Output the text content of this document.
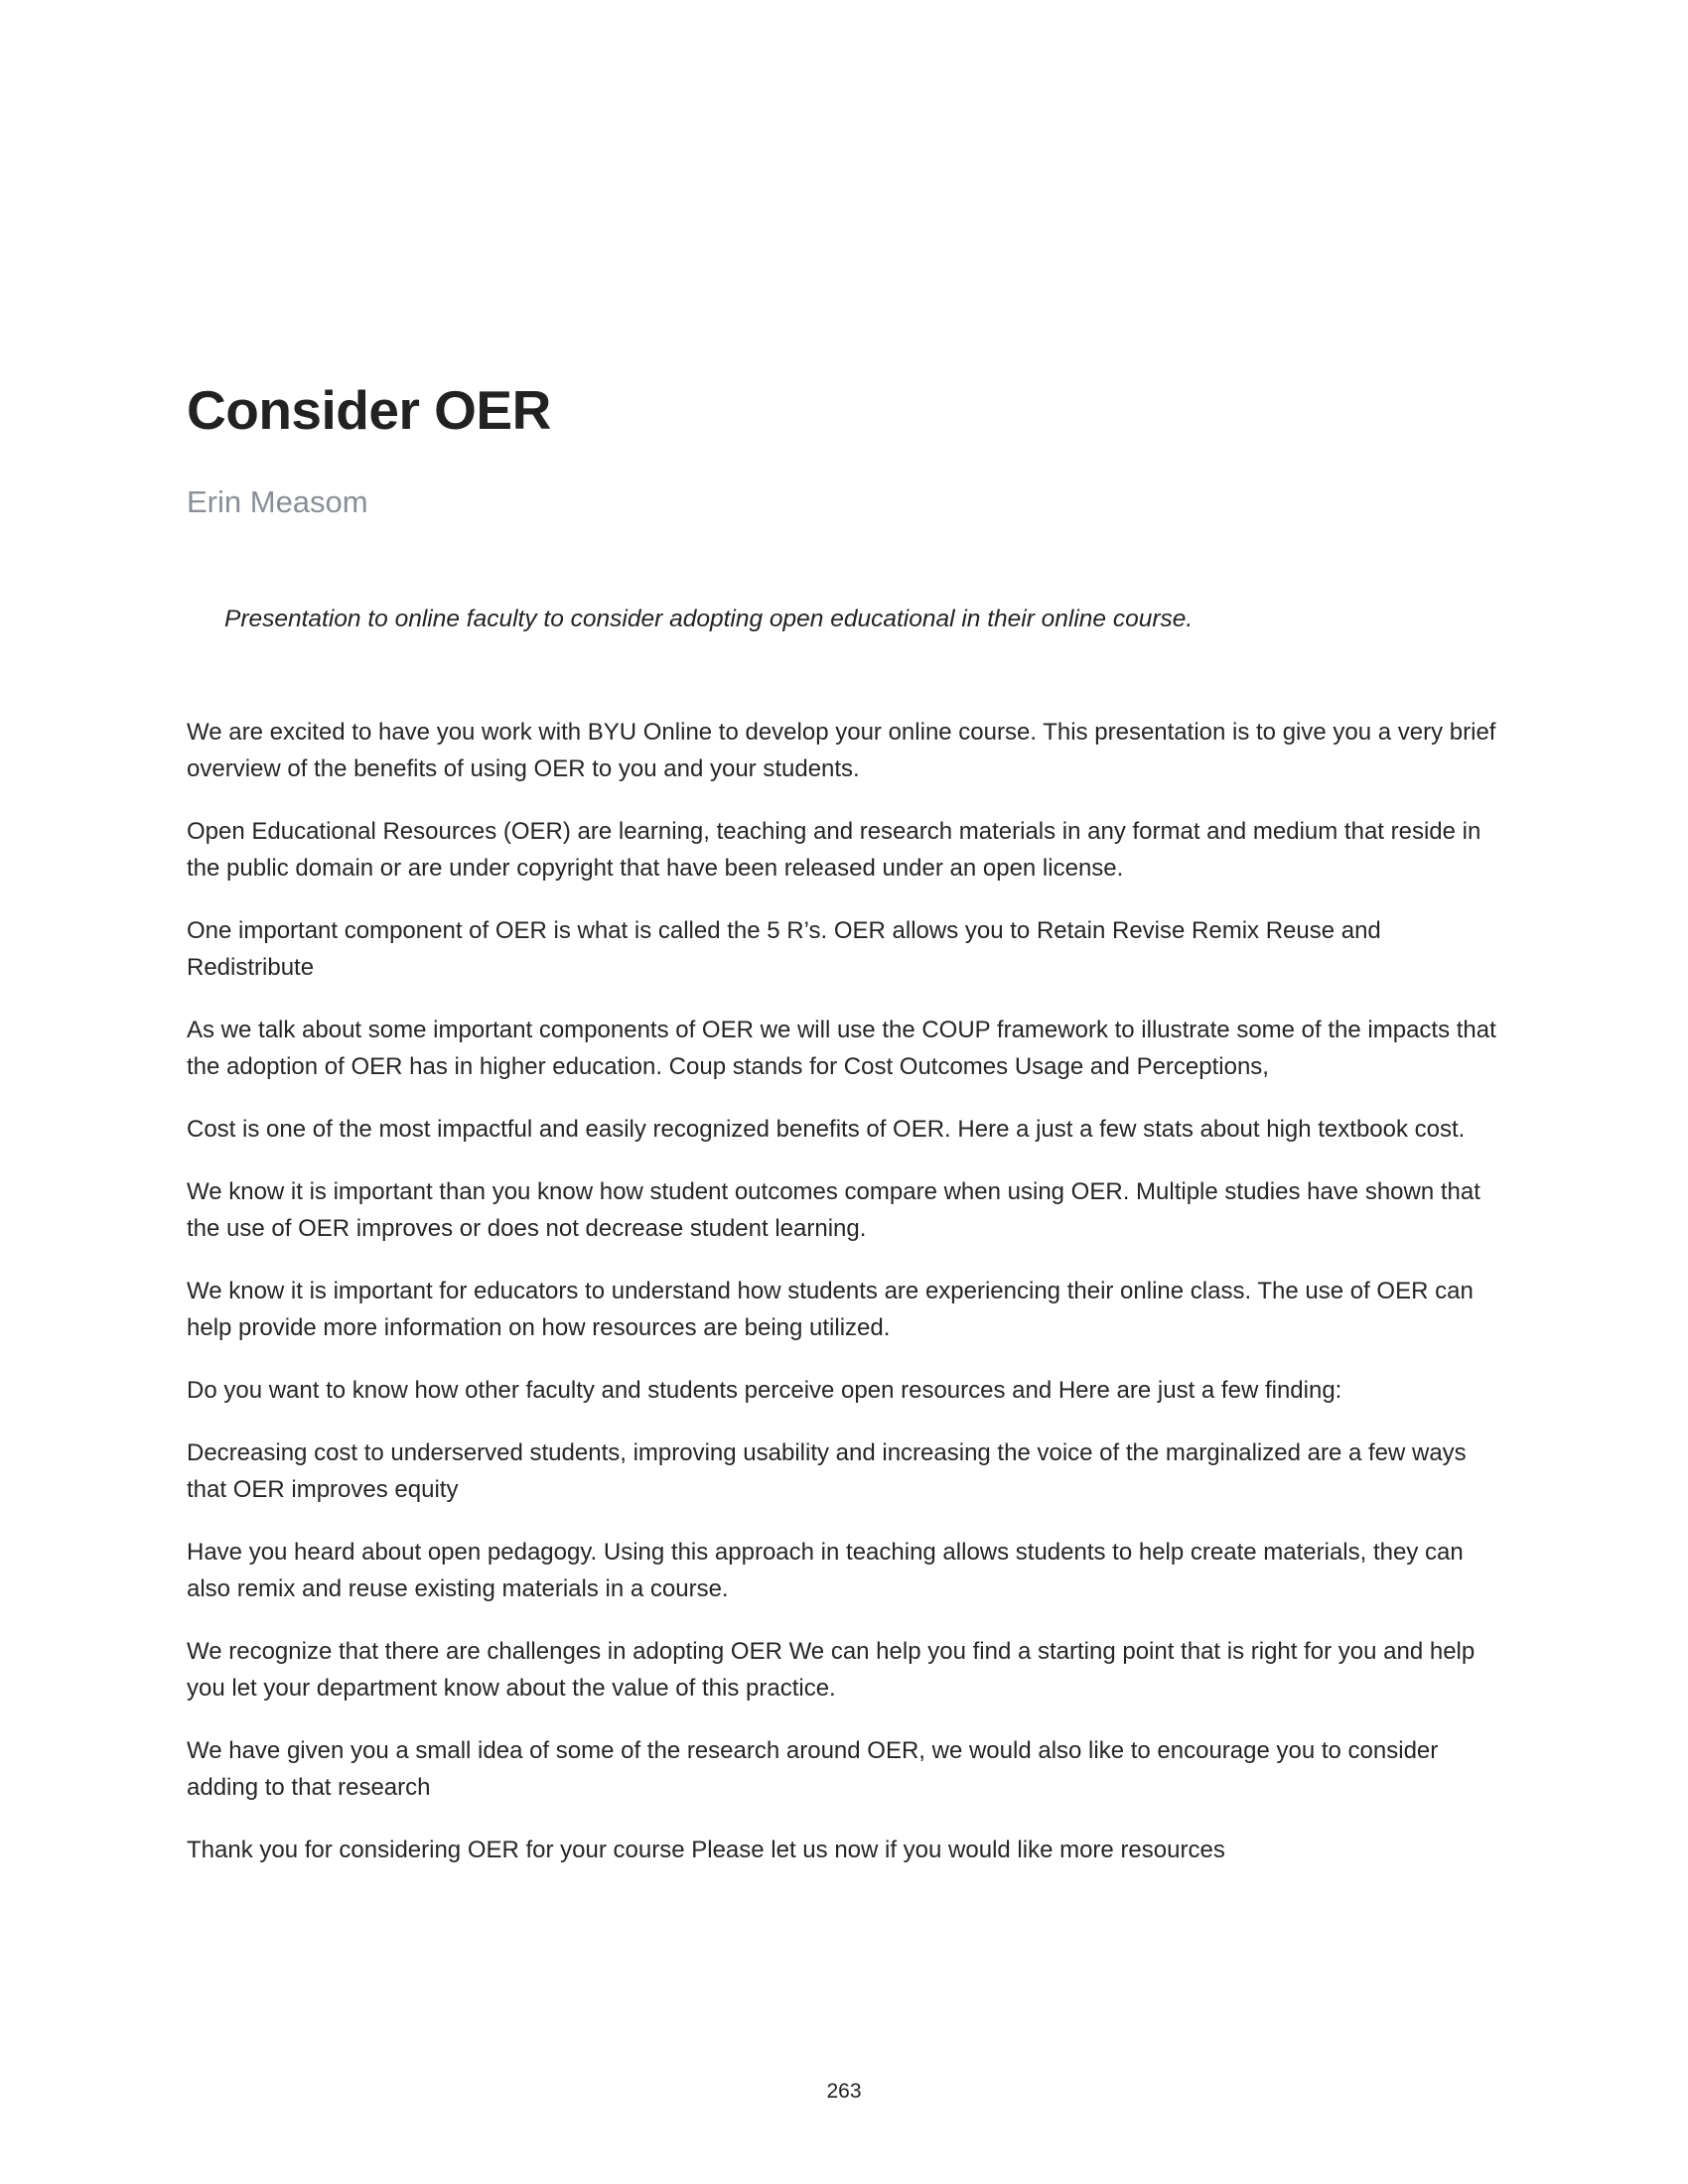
Consider OER
Erin Measom
Presentation to online faculty to consider adopting open educational in their online course.

We are excited to have you work with BYU Online to develop your online course. This presentation is to give you a very brief overview of the benefits of using OER to you and your students.

Open Educational Resources (OER) are learning, teaching and research materials in any format and medium that reside in the public domain or are under copyright that have been released under an open license.

One important component of OER is what is called the 5 R’s. OER allows you to Retain Revise Remix Reuse and Redistribute

As we talk about some important components of OER we will use the COUP framework to illustrate some of the impacts that the adoption of OER has in higher education. Coup stands for Cost Outcomes Usage and Perceptions,

Cost is one of the most impactful and easily recognized benefits of OER. Here a just a few stats about high textbook cost.

We know it is important than you know how student outcomes compare when using OER. Multiple studies have shown that the use of OER improves or does not decrease student learning.

We know it is important for educators to understand how students are experiencing their online class. The use of OER can help provide more information on how resources are being utilized.

Do you want to know how other faculty and students perceive open resources and Here are just a few finding:

Decreasing cost to underserved students, improving usability and increasing the voice of the marginalized are a few ways that OER improves equity

Have you heard about open pedagogy. Using this approach in teaching allows students to help create materials, they can also remix and reuse existing materials in a course.

We recognize that there are challenges in adopting OER We can help you find a starting point that is right for you and help you let your department know about the value of this practice.

We have given you a small idea of some of the research around OER, we would also like to encourage you to consider adding to that research

Thank you for considering OER for your course Please let us now if you would like more resources

263
